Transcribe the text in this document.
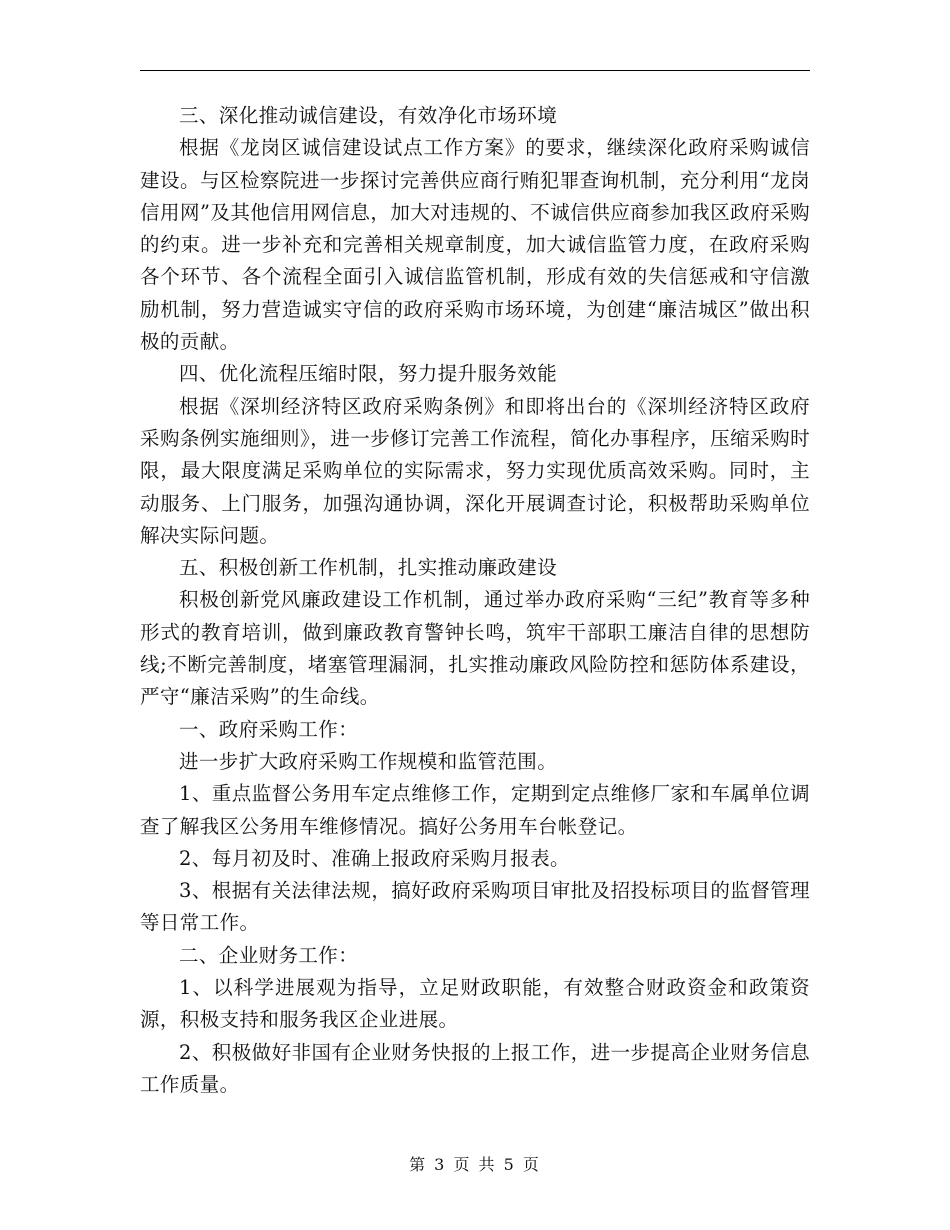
三、深化推动诚信建设，有效净化市场环境

根据《龙岗区诚信建设试点工作方案》的要求，继续深化政府采购诚信建设。与区检察院进一步探讨完善供应商行贿犯罪查询机制，充分利用“龙岗信用网”及其他信用网信息，加大对违规的、不诚信供应商参加我区政府采购的约束。进一步补充和完善相关规章制度，加大诚信监管力度，在政府采购各个环节、各个流程全面引入诚信监管机制，形成有效的失信惩戒和守信激励机制，努力营造诚实守信的政府采购市场环境，为创建“廉洁城区”做出积极的贡献。

四、优化流程压缩时限，努力提升服务效能

根据《深圳经济特区政府采购条例》和即将出台的《深圳经济特区政府采购条例实施细则》，进一步修订完善工作流程，简化办事程序，压缩采购时限，最大限度满足采购单位的实际需求，努力实现优质高效采购。同时，主动服务、上门服务，加强沟通协调，深化开展调查讨论，积极帮助采购单位解决实际问题。

五、积极创新工作机制，扎实推动廉政建设

积极创新党风廉政建设工作机制，通过举办政府采购“三纪”教育等多种形式的教育培训，做到廉政教育警钟长鸣，筑牢干部职工廉洁自律的思想防线;不断完善制度，堵塞管理漏洞，扎实推动廉政风险防控和惩防体系建设，严守“廉洁采购”的生命线。

一、政府采购工作：

进一步扩大政府采购工作规模和监管范围。

1、重点监督公务用车定点维修工作，定期到定点维修厂家和车属单位调查了解我区公务用车维修情况。搞好公务用车台帐登记。

2、每月初及时、准确上报政府采购月报表。

3、根据有关法律法规，搞好政府采购项目审批及招投标项目的监督管理等日常工作。

二、企业财务工作：

1、以科学进展观为指导，立足财政职能，有效整合财政资金和政策资源，积极支持和服务我区企业进展。

2、积极做好非国有企业财务快报的上报工作，进一步提高企业财务信息工作质量。

第 3 页 共 5 页
